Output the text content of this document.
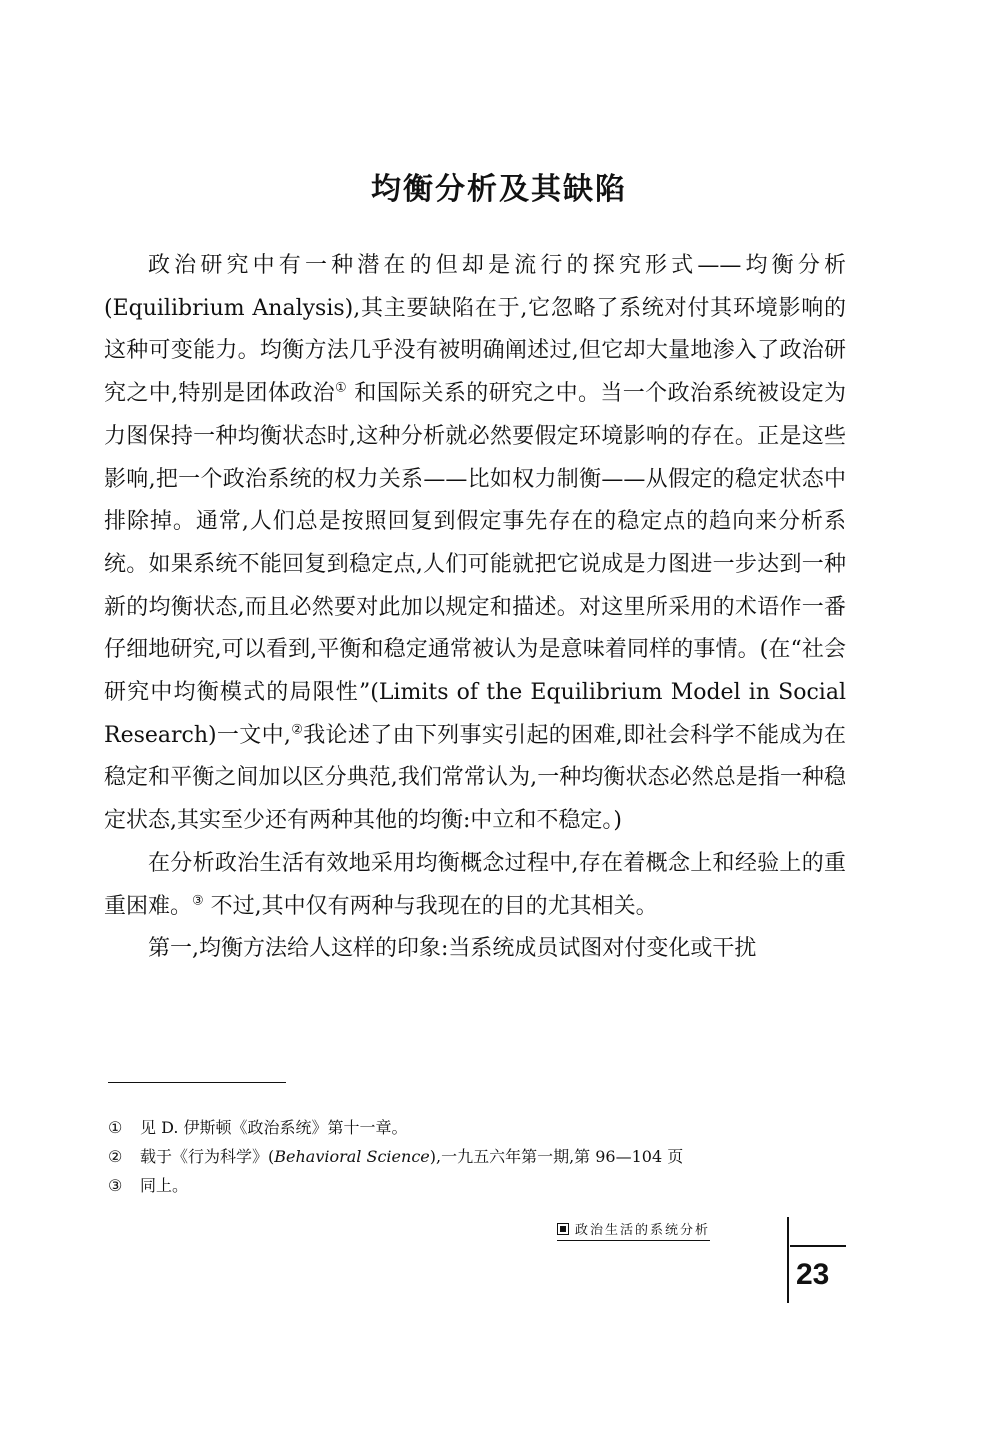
均衡分析及其缺陷

政治研究中有一种潜在的但却是流行的探究形式——均衡分析(Equilibrium Analysis),其主要缺陷在于,它忽略了系统对付其环境影响的这种可变能力。均衡方法几乎没有被明确阐述过,但它却大量地渗入了政治研究之中,特别是团体政治① 和国际关系的研究之中。当一个政治系统被设定为力图保持一种均衡状态时,这种分析就必然要假定环境影响的存在。正是这些影响,把一个政治系统的权力关系——比如权力制衡——从假定的稳定状态中排除掉。通常,人们总是按照回复到假定事先存在的稳定点的趋向来分析系统。如果系统不能回复到稳定点,人们可能就把它说成是力图进一步达到一种新的均衡状态,而且必然要对此加以规定和描述。对这里所采用的术语作一番仔细地研究,可以看到,平衡和稳定通常被认为是意味着同样的事情。(在“社会研究中均衡模式的局限性”(Limits of the Equilibrium Model in Social Research)一文中,②我论述了由下列事实引起的困难,即社会科学不能成为在稳定和平衡之间加以区分典范,我们常常认为,一种均衡状态必然总是指一种稳定状态,其实至少还有两种其他的均衡:中立和不稳定。)

在分析政治生活有效地采用均衡概念过程中,存在着概念上和经验上的重重困难。③ 不过,其中仅有两种与我现在的目的尤其相关。

第一,均衡方法给人这样的印象:当系统成员试图对付变化或干扰

①	见 D. 伊斯顿《政治系统》第十一章。
②	载于《行为科学》(Behavioral Science),一九五六年第一期,第 96—104 页
③	同上。
政治生活的系统分析
23
